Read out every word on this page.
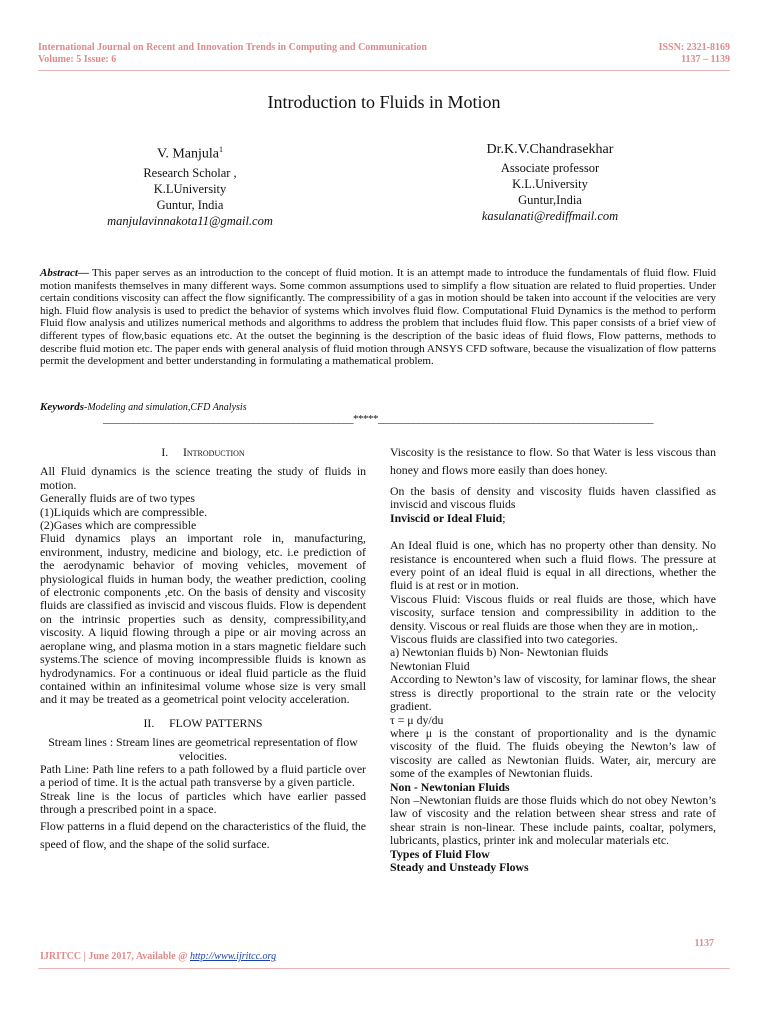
International Journal on Recent and Innovation Trends in Computing and Communication
Volume: 5 Issue: 6
ISSN: 2321-8169
1137 – 1139
Introduction to Fluids in Motion
V. Manjula$^1$
Research Scholar ,
K.LUniversity
Guntur, India
manjulavinnakota11@gmail.com
Dr.K.V.Chandrasekhar
Associate professor
K.L.University
Guntur,India
kasulanati@rediffmail.com
Abstract— This paper serves as an introduction to the concept of fluid motion. It is an attempt made to introduce the fundamentals of fluid flow. Fluid motion manifests themselves in many different ways. Some common assumptions used to simplify a flow situation are related to fluid properties. Under certain conditions viscosity can affect the flow significantly. The compressibility of a gas in motion should be taken into account if the velocities are very high. Fluid flow analysis is used to predict the behavior of systems which involves fluid flow. Computational Fluid Dynamics is the method to perform Fluid flow analysis and utilizes numerical methods and algorithms to address the problem that includes fluid flow. This paper consists of a brief view of different types of flow,basic equations etc. At the outset the beginning is the description of the basic ideas of fluid flows, Flow patterns, methods to describe fluid motion etc. The paper ends with general analysis of fluid motion through ANSYS CFD software, because the visualization of flow patterns permit the development and better understanding in formulating a mathematical problem.
Keywords-Modeling and simulation,CFD Analysis
__________________________________________________*****_______________________________________________________

I. Introduction

All Fluid dynamics is the science treating the study of fluids in motion.

Generally fluids are of two types

(1)Liquids which are compressible.

(2)Gases which are compressible

Fluid dynamics plays an important role in, manufacturing, environment, industry, medicine and biology, etc. i.e prediction of the aerodynamic behavior of moving vehicles, movement of physiological fluids in human body, the weather prediction, cooling of electronic components ,etc. On the basis of density and viscosity fluids are classified as inviscid and viscous fluids. Flow is dependent on the intrinsic properties such as density, compressibility,and viscosity. A liquid flowing through a pipe or air moving across an aeroplane wing, and plasma motion in a stars magnetic fieldare such systems.The science of moving incompressible fluids is known as hydrodynamics. For a continuous or ideal fluid particle as the fluid contained within an infinitesimal volume whose size is very small and it may be treated as a geometrical point velocity acceleration.

II. FLOW PATTERNS

Stream lines : Stream lines are geometrical representation of flow velocities.

Path Line: Path line refers to a path followed by a fluid particle over a period of time. It is the actual path transverse by a given particle.

Streak line is the locus of particles which have earlier passed through a prescribed point in a space.

Flow patterns in a fluid depend on the characteristics of the fluid, the speed of flow, and the shape of the solid surface.

Viscosity is the resistance to flow. So that Water is less viscous than honey and flows more easily than does honey.

On the basis of density and viscosity fluids haven classified as inviscid and viscous fluids

Inviscid or Ideal Fluid;

An Ideal fluid is one, which has no property other than density. No resistance is encountered when such a fluid flows. The pressure at every point of an ideal fluid is equal in all directions, whether the fluid is at rest or in motion.

Viscous Fluid: Viscous fluids or real fluids are those, which have viscosity, surface tension and compressibility in addition to the density. Viscous or real fluids are those when they are in motion,.

Viscous fluids are classified into two categories.

a) Newtonian fluids b) Non- Newtonian fluids

Newtonian Fluid

According to Newton’s law of viscosity, for laminar flows, the shear stress is directly proportional to the strain rate or the velocity gradient.

τ = μ dy/du

where μ is the constant of proportionality and is the dynamic viscosity of the fluid. The fluids obeying the Newton’s law of viscosity are called as Newtonian fluids. Water, air, mercury are some of the examples of Newtonian fluids.

Non - Newtonian Fluids

Non –Newtonian fluids are those fluids which do not obey Newton’s law of viscosity and the relation between shear stress and rate of shear strain is non-linear. These include paints, coaltar, polymers, lubricants, plastics, printer ink and molecular materials etc.

Types of Fluid Flow

Steady and Unsteady Flows

1137
IJRITCC | June 2017, Available @ http://www.ijritcc.org
